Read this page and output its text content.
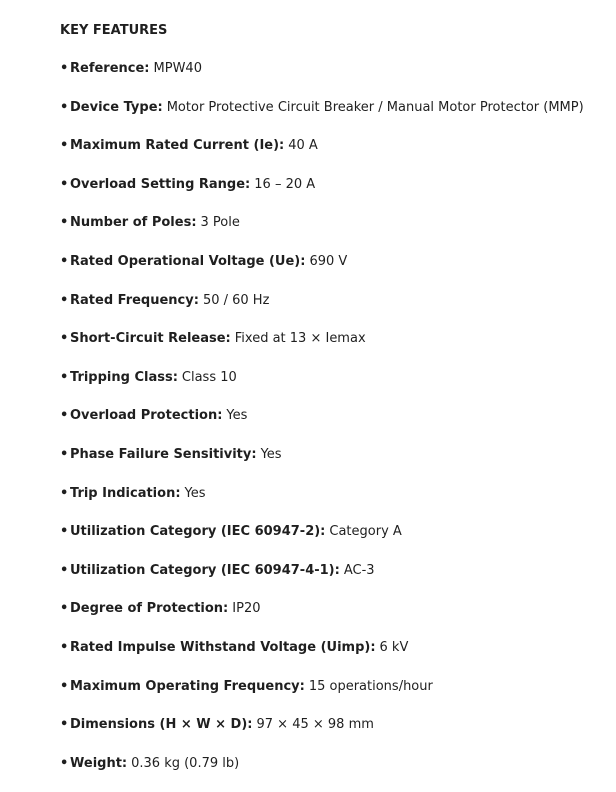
KEY FEATURES
• Reference: MPW40
• Device Type: Motor Protective Circuit Breaker / Manual Motor Protector (MMP)
• Maximum Rated Current (Ie): 40 A
• Overload Setting Range: 16 – 20 A
• Number of Poles: 3 Pole
• Rated Operational Voltage (Ue): 690 V
• Rated Frequency: 50 / 60 Hz
• Short-Circuit Release: Fixed at 13 × Iemax
• Tripping Class: Class 10
• Overload Protection: Yes
• Phase Failure Sensitivity: Yes
• Trip Indication: Yes
• Utilization Category (IEC 60947-2): Category A
• Utilization Category (IEC 60947-4-1): AC-3
• Degree of Protection: IP20
• Rated Impulse Withstand Voltage (Uimp): 6 kV
• Maximum Operating Frequency: 15 operations/hour
• Dimensions (H × W × D): 97 × 45 × 98 mm
• Weight: 0.36 kg (0.79 lb)
